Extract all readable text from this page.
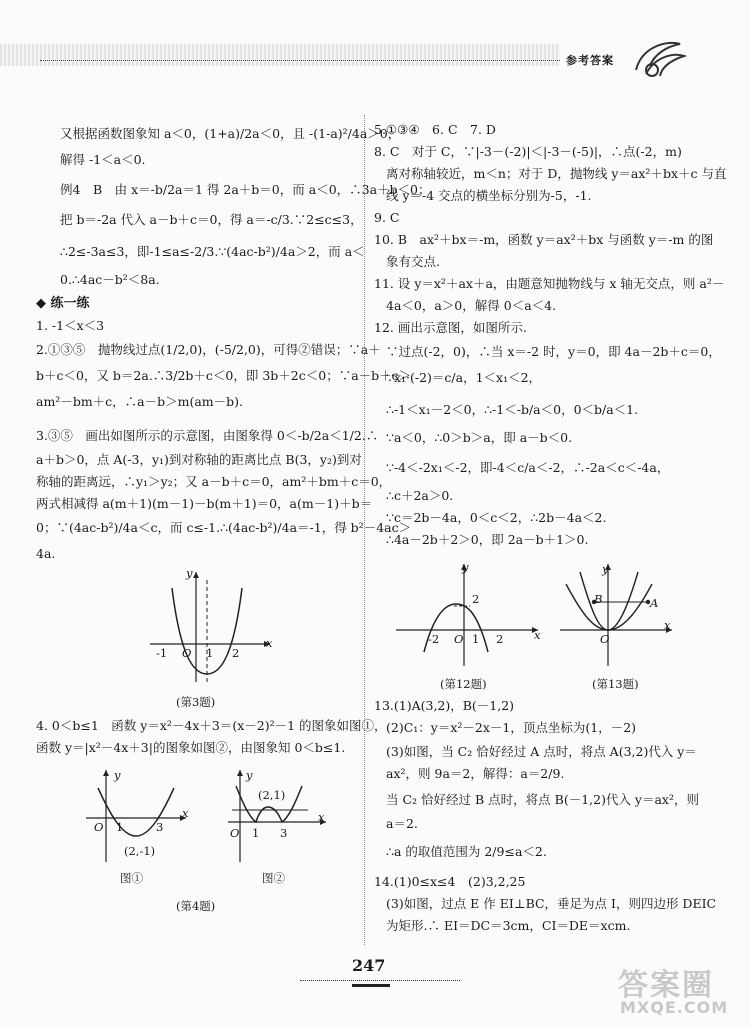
参考答案
又根据函数图象知 a＜0，(1+a)/2a＜0，且 -(1-a)²/4a＞0，
解得 -1＜a＜0.
例4　B　由 x＝-b/2a＝1 得 2a＋b＝0，而 a＜0，∴3a＋b＜0；
把 b＝-2a 代入 a－b＋c＝0，得 a＝-c/3.∵2≤c≤3，
∴2≤-3a≤3，即-1≤a≤-2/3.∵(4ac-b²)/4a＞2，而 a＜
0.∴4ac－b²＜8a.
◆ 练一练
1. -1＜x＜3
2.①③⑤　抛物线过点(1/2,0)，(-5/2,0)，可得②错误；∵a＋
b＋c＜0，又 b＝2a.∴3/2b＋c＜0，即 3b＋2c＜0；∵a－b＋c＞
am²－bm＋c，∴a－b＞m(am－b).
3.③⑤　画出如图所示的示意图，由图象得 0＜-b/2a＜1/2.∴
a＋b＞0，点 A(-3，y₁)到对称轴的距离比点 B(3，y₂)到对
称轴的距离远，∴y₁＞y₂；又 a－b＋c＝0，am²＋bm＋c＝0，
两式相减得 a(m＋1)(m－1)－b(m＋1)＝0，a(m－1)＋b＝
0；∵(4ac-b²)/4a＜c，而 c≤-1.∴(4ac-b²)/4a＝-1，得 b²－4ac＞
4a.
y
x
-1 O 1 2
(第3题)
4. 0＜b≤1　函数 y＝x²－4x＋3＝(x－2)²－1 的图象如图①，
函数 y＝|x²－4x＋3|的图象如图②，由图象知 0＜b≤1.
y
x
O 1	3
(2,-1)
图①
y
x
(2,1)
O 1 3
图②
(第4题)
5.①③④　6. C　7. D
8. C　对于 C，∵|-3－(-2)|＜|-3－(-5)|，∴点(-2，m)
离对称轴较近，m＜n；对于 D，抛物线 y＝ax²＋bx＋c 与直
线 y＝-4 交点的横坐标分别为-5，-1.
9. C
10. B　ax²＋bx＝-m，函数 y＝ax²＋bx 与函数 y＝-m 的图
象有交点.
11. 设 y＝x²＋ax＋a，由题意知抛物线与 x 轴无交点，则 a²－
4a＜0，a＞0，解得 0＜a＜4.
12. 画出示意图，如图所示.
∵过点(-2，0)，∴当 x＝-2 时，y＝0，即 4a－2b＋c＝0，
∵x₁·(-2)＝c/a，1＜x₁＜2，
∴-1＜x₁－2＜0，∴-1＜-b/a＜0，0＜b/a＜1.
∵a＜0，∴0＞b＞a，即 a－b＜0.
∵-4＜-2x₁＜-2，即-4＜c/a＜-2，∴-2a＜c＜-4a，
∴c＋2a＞0.
∵c＝2b－4a，0＜c＜2，∴2b－4a＜2.
∴4a－2b＋2＞0，即 2a－b＋1＞0.
y
x
2
-2 O 1 2
(第12题)
y
x
B	A
O
(第13题)
13.(1)A(3,2)，B(－1,2)
(2)C₁：y＝x²－2x－1，顶点坐标为(1，－2)
(3)如图，当 C₂ 恰好经过 A 点时，将点 A(3,2)代入 y＝
ax²，则 9a＝2，解得：a＝2/9.
当 C₂ 恰好经过 B 点时，将点 B(－1,2)代入 y＝ax²，则
a＝2.
∴a 的取值范围为 2/9≤a＜2.
14.(1)0≤x≤4　(2)3,2,25
(3)如图，过点 E 作 EI⊥BC，垂足为点 I，则四边形 DEIC
为矩形.∴ EI＝DC＝3cm，CI＝DE＝xcm.
247
答案圈
MXQE.COM
